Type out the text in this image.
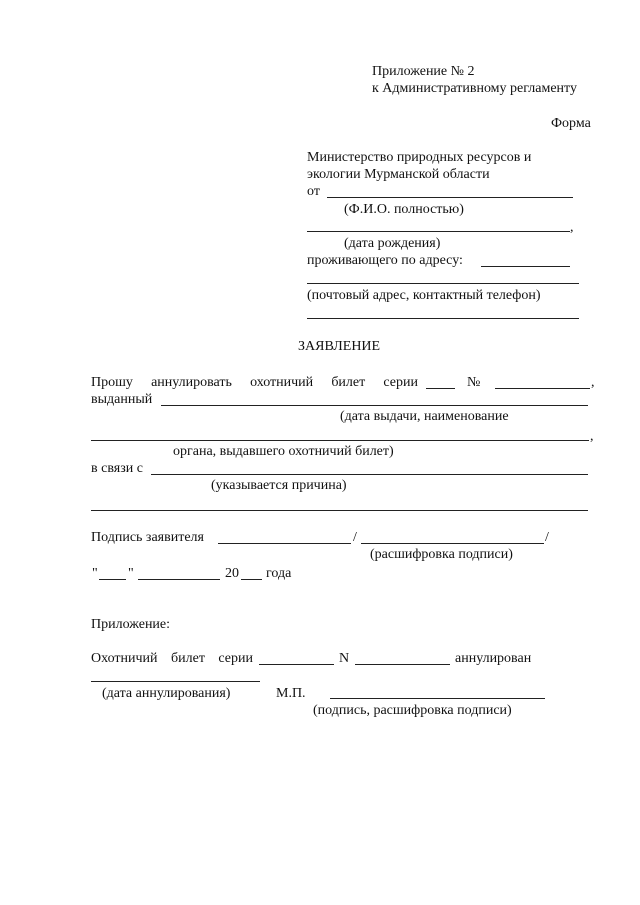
Приложение № 2
к Административному регламенту
Форма
Министерство природных ресурсов и
экологии Мурманской области
от
(Ф.И.О. полностью)
,
(дата рождения)
проживающего по адресу:
(почтовый адрес, контактный телефон)
ЗАЯВЛЕНИЕ
Прошу аннулировать охотничий билет серии	№	,
выданный
(дата выдачи, наименование
,
органа, выдавшего охотничий билет)
в связи с
(указывается причина)
Подпись заявителя	/	/
(расшифровка подписи)
" "	20 года
Приложение:
Охотничий билет серии	N	аннулирован
(дата аннулирования)	М.П.
(подпись, расшифровка подписи)
